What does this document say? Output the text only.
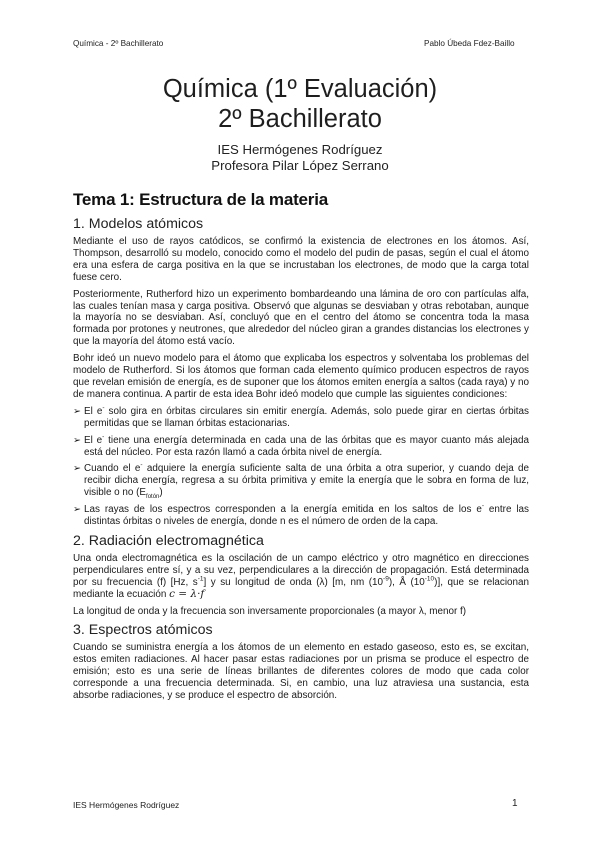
Química - 2º Bachillerato	Pablo Úbeda Fdez-Baillo
Química (1º Evaluación)
2º Bachillerato
IES Hermógenes Rodríguez
Profesora Pilar López Serrano
Tema 1: Estructura de la materia
1. Modelos atómicos

Mediante el uso de rayos catódicos, se confirmó la existencia de electrones en los átomos. Así, Thompson, desarrolló su modelo, conocido como el modelo del pudin de pasas, según el cual el átomo era una esfera de carga positiva en la que se incrustaban los electrones, de modo que la carga total fuese cero.

Posteriormente, Rutherford hizo un experimento bombardeando una lámina de oro con partículas alfa, las cuales tenían masa y carga positiva. Observó que algunas se desviaban y otras rebotaban, aunque la mayoría no se desviaban. Así, concluyó que en el centro del átomo se concentra toda la masa formada por protones y neutrones, que alrededor del núcleo giran a grandes distancias los electrones y que la mayoría del átomo está vacío.

Bohr ideó un nuevo modelo para el átomo que explicaba los espectros y solventaba los problemas del modelo de Rutherford. Si los átomos que forman cada elemento químico producen espectros de rayos que revelan emisión de energía, es de suponer que los átomos emiten energía a saltos (cada raya) y no de manera continua. A partir de esta idea Bohr ideó modelo que cumple las siguientes condiciones:

➢ El e- solo gira en órbitas circulares sin emitir energía. Además, solo puede girar en ciertas órbitas permitidas que se llaman órbitas estacionarias.
➢ El e- tiene una energía determinada en cada una de las órbitas que es mayor cuanto más alejada está del núcleo. Por esta razón llamó a cada órbita nivel de energía.
➢ Cuando el e- adquiere la energía suficiente salta de una órbita a otra superior, y cuando deja de recibir dicha energía, regresa a su órbita primitiva y emite la energía que le sobra en forma de luz, visible o no $(E_{fotón})$
➢ Las rayas de los espectros corresponden a la energía emitida en los saltos de los e- entre las distintas órbitas o niveles de energía, donde n es el número de orden de la capa.
2. Radiación electromagnética

Una onda electromagnética es la oscilación de un campo eléctrico y otro magnético en direcciones perpendiculares entre sí, y a su vez, perpendiculares a la dirección de propagación. Está determinada por su frecuencia (f) [Hz, $s^{-1}$] y su longitud de onda (λ) [m, nm $(10^{-9})$, Å $(10^{-10})$], que se relacionan mediante la ecuación c = λ·f

La longitud de onda y la frecuencia son inversamente proporcionales (a mayor λ, menor f)

3. Espectros atómicos

Cuando se suministra energía a los átomos de un elemento en estado gaseoso, esto es, se excitan, estos emiten radiaciones. Al hacer pasar estas radiaciones por un prisma se produce el espectro de emisión; esto es una serie de líneas brillantes de diferentes colores de modo que cada color corresponde a una frecuencia determinada. Si, en cambio, una luz atraviesa una sustancia, esta absorbe radiaciones, y se produce el espectro de absorción.

IES Hermógenes Rodríguez	1
